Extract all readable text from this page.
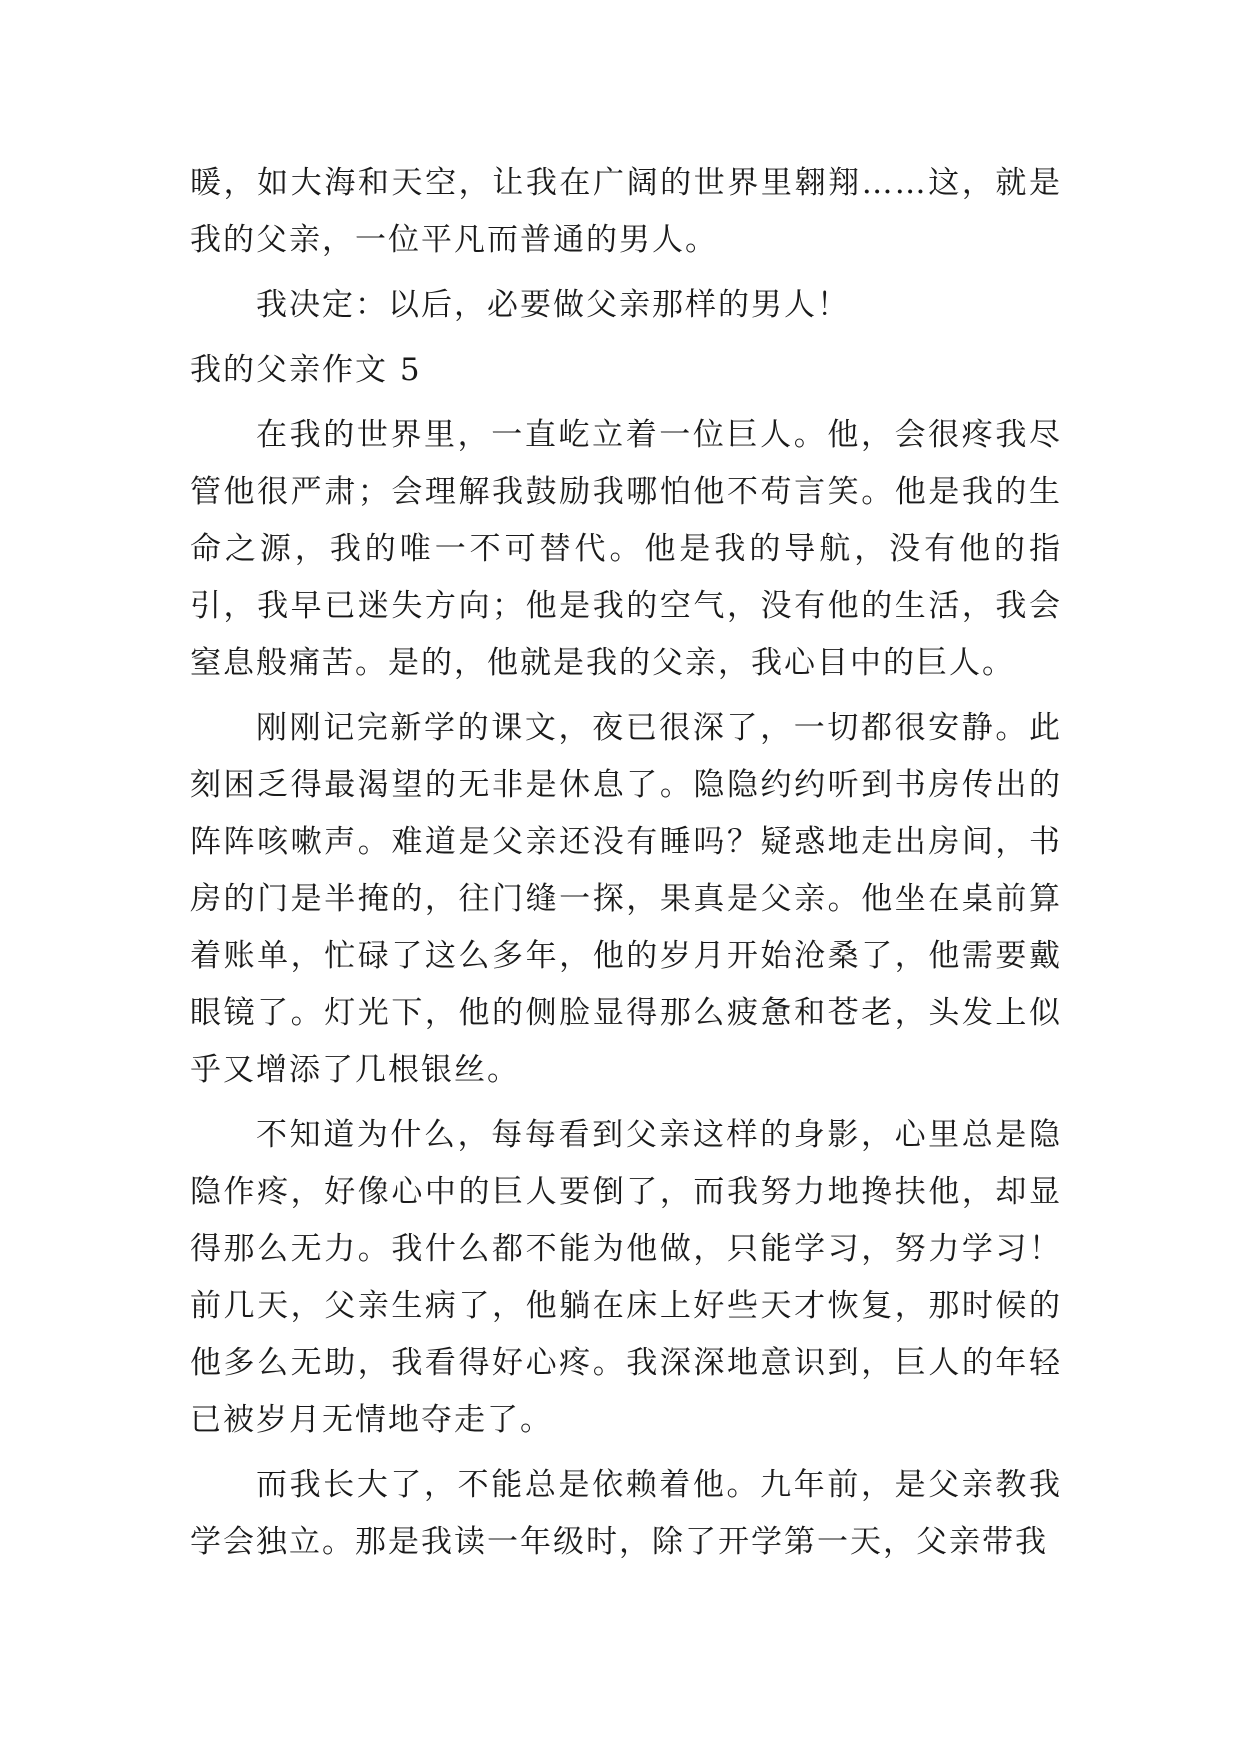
暖，如大海和天空，让我在广阔的世界里翱翔……这，就是我的父亲，一位平凡而普通的男人。

我决定：以后，必要做父亲那样的男人！

我的父亲作文 5

在我的世界里，一直屹立着一位巨人。他，会很疼我尽管他很严肃；会理解我鼓励我哪怕他不苟言笑。他是我的生命之源，我的唯一不可替代。他是我的导航，没有他的指引，我早已迷失方向；他是我的空气，没有他的生活，我会窒息般痛苦。是的，他就是我的父亲，我心目中的巨人。

刚刚记完新学的课文，夜已很深了，一切都很安静。此刻困乏得最渴望的无非是休息了。隐隐约约听到书房传出的阵阵咳嗽声。难道是父亲还没有睡吗？疑惑地走出房间，书房的门是半掩的，往门缝一探，果真是父亲。他坐在桌前算着账单，忙碌了这么多年，他的岁月开始沧桑了，他需要戴眼镜了。灯光下，他的侧脸显得那么疲惫和苍老，头发上似乎又增添了几根银丝。

不知道为什么，每每看到父亲这样的身影，心里总是隐隐作疼，好像心中的巨人要倒了，而我努力地搀扶他，却显得那么无力。我什么都不能为他做，只能学习，努力学习！前几天，父亲生病了，他躺在床上好些天才恢复，那时候的他多么无助，我看得好心疼。我深深地意识到，巨人的年轻已被岁月无情地夺走了。

而我长大了，不能总是依赖着他。九年前，是父亲教我学会独立。那是我读一年级时，除了开学第一天，父亲带我
